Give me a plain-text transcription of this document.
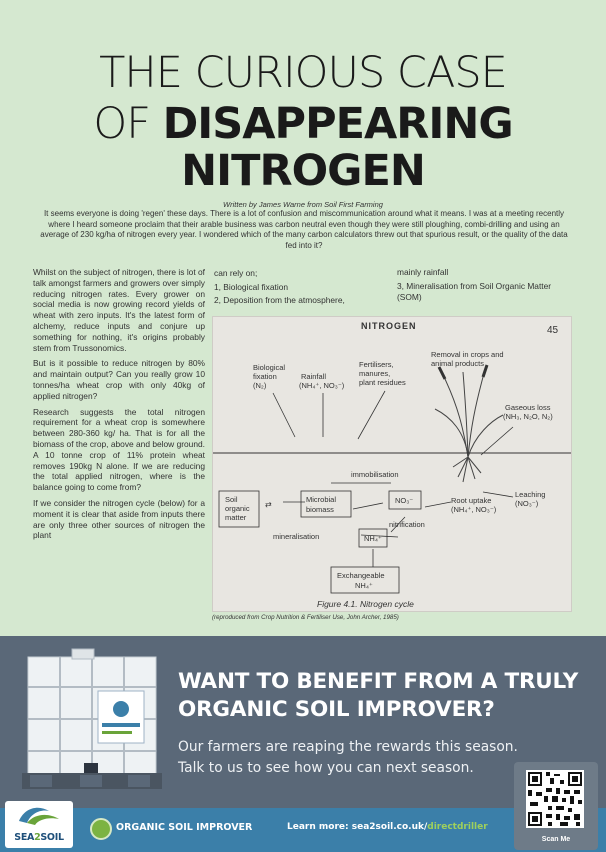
THE CURIOUS CASE
OF DISAPPEARING
NITROGEN
Written by James Warne from Soil First Farming
It seems everyone is doing 'regen' these days. There is a lot of confusion and miscommunication around what it means. I was at a meeting recently where I heard someone proclaim that their arable business was carbon neutral even though they were still ploughing, combi-drilling and using an average of 230 kg/ha of nitrogen every year. I wondered which of the many carbon calculators threw out that spurious result, or the quality of the data fed into it?

Whilst on the subject of nitrogen, there is lot of talk amongst farmers and growers over simply reducing nitrogen rates. Every grower on social media is now growing record yields of wheat with zero inputs. It's the latest form of alchemy, reduce inputs and conjure up something for nothing, it's origins probably stem from Trussonomics.

But is it possible to reduce nitrogen by 80% and maintain output? Can you really grow 10 tonnes/ha wheat crop with only 40kg of applied nitrogen?

Research suggests the total nitrogen requirement for a wheat crop is somewhere between 280-360 kg/ ha. That is for all the biomass of the crop, above and below ground. A 10 tonne crop of 11% protein wheat removes 190kg N alone. If we are reducing the total applied nitrogen, where is the balance going to come from?

If we consider the nitrogen cycle (below) for a moment it is clear that aside from inputs there are only three other sources of nitrogen the plant

can rely on;
1, Biological fixation
2, Deposition from the atmosphere,
mainly rainfall
3, Mineralisation from Soil Organic Matter (SOM)
NITROGEN	45
Biological
fixation
(N₂)
Rainfall
(NH₄⁺, NO₃⁻)
Fertilisers,
manures,
plant residues
Removal in crops and
animal products
Gaseous loss
(NH₃, N₂O, N₂)
immobilisation
Soil
organic
matter
⇄
Microbial
biomass
NO₃⁻	Root uptake
(NH₄⁺, NO₃⁻)
Leaching
(NO₃⁻)
nitrification
mineralisation	NH₄⁺
Exchangeable
NH₄⁺
Figure 4.1. Nitrogen cycle
(reproduced from Crop Nutrition & Fertiliser Use, John Archer, 1985)
WANT TO BENEFIT FROM A TRULY
ORGANIC SOIL IMPROVER?
Our farmers are reaping the rewards this season.
Talk to us to see how you can next season.
SEA2SOIL
ORGANIC SOIL IMPROVER	Learn more: sea2soil.co.uk/directdriller
Scan Me
